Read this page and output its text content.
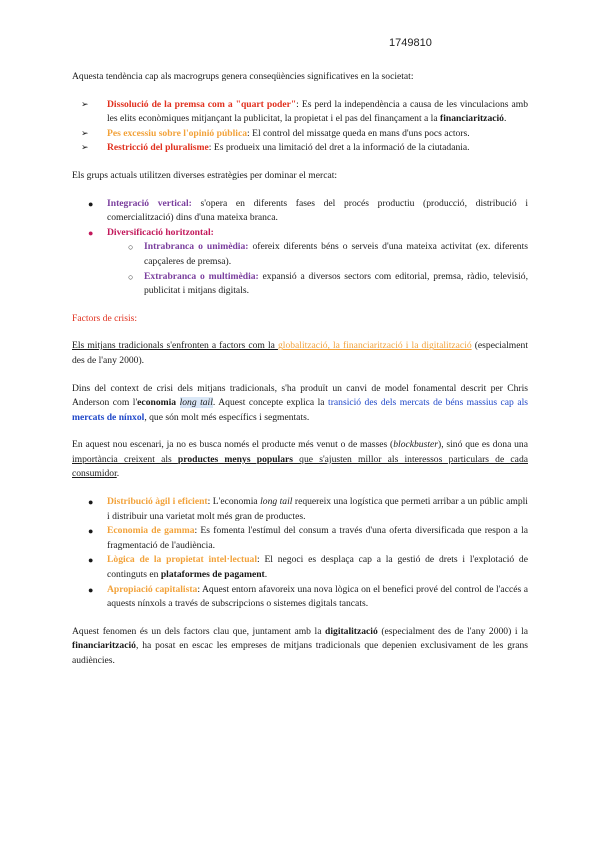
1749810

Aquesta tendència cap als macrogrups genera conseqüències significatives en la societat:

➢ Dissolució de la premsa com a "quart poder": Es perd la independència a causa de les vinculacions amb les elits econòmiques mitjançant la publicitat, la propietat i el pas del finançament a la financiarització.
➢ Pes excessiu sobre l'opinió pública: El control del missatge queda en mans d'uns pocs actors.
➢ Restricció del pluralisme: Es produeix una limitació del dret a la informació de la ciutadania.

Els grups actuals utilitzen diverses estratègies per dominar el mercat:

● Integració vertical: s'opera en diferents fases del procés productiu (producció, distribució i comercialització) dins d'una mateixa branca.
● Diversificació horitzontal:
○ Intrabranca o unimèdia: ofereix diferents béns o serveis d'una mateixa activitat (ex. diferents capçaleres de premsa).
○ Extrabranca o multimèdia: expansió a diversos sectors com editorial, premsa, ràdio, televisió, publicitat i mitjans digitals.

Factors de crisis:

Els mitjans tradicionals s'enfronten a factors com la globalització, la financiarització i la digitalització (especialment des de l'any 2000).

Dins del context de crisi dels mitjans tradicionals, s'ha produït un canvi de model fonamental descrit per Chris Anderson com l'economia long tail. Aquest concepte explica la transició des dels mercats de béns massius cap als mercats de nínxol, que són molt més específics i segmentats.

En aquest nou escenari, ja no es busca només el producte més venut o de masses (blockbuster), sinó que es dona una importància creixent als productes menys populars que s'ajusten millor als interessos particulars de cada consumidor.

● Distribució àgil i eficient: L'economia long tail requereix una logística que permeti arribar a un públic ampli i distribuir una varietat molt més gran de productes.
● Economia de gamma: Es fomenta l'estímul del consum a través d'una oferta diversificada que respon a la fragmentació de l'audiència.
● Lògica de la propietat intel·lectual: El negoci es desplaça cap a la gestió de drets i l'explotació de continguts en plataformes de pagament.
● Apropiació capitalista: Aquest entorn afavoreix una nova lògica on el benefici prové del control de l'accés a aquests nínxols a través de subscripcions o sistemes digitals tancats.

Aquest fenomen és un dels factors clau que, juntament amb la digitalització (especialment des de l'any 2000) i la financiarització, ha posat en escac les empreses de mitjans tradicionals que depenien exclusivament de les grans audiències.
